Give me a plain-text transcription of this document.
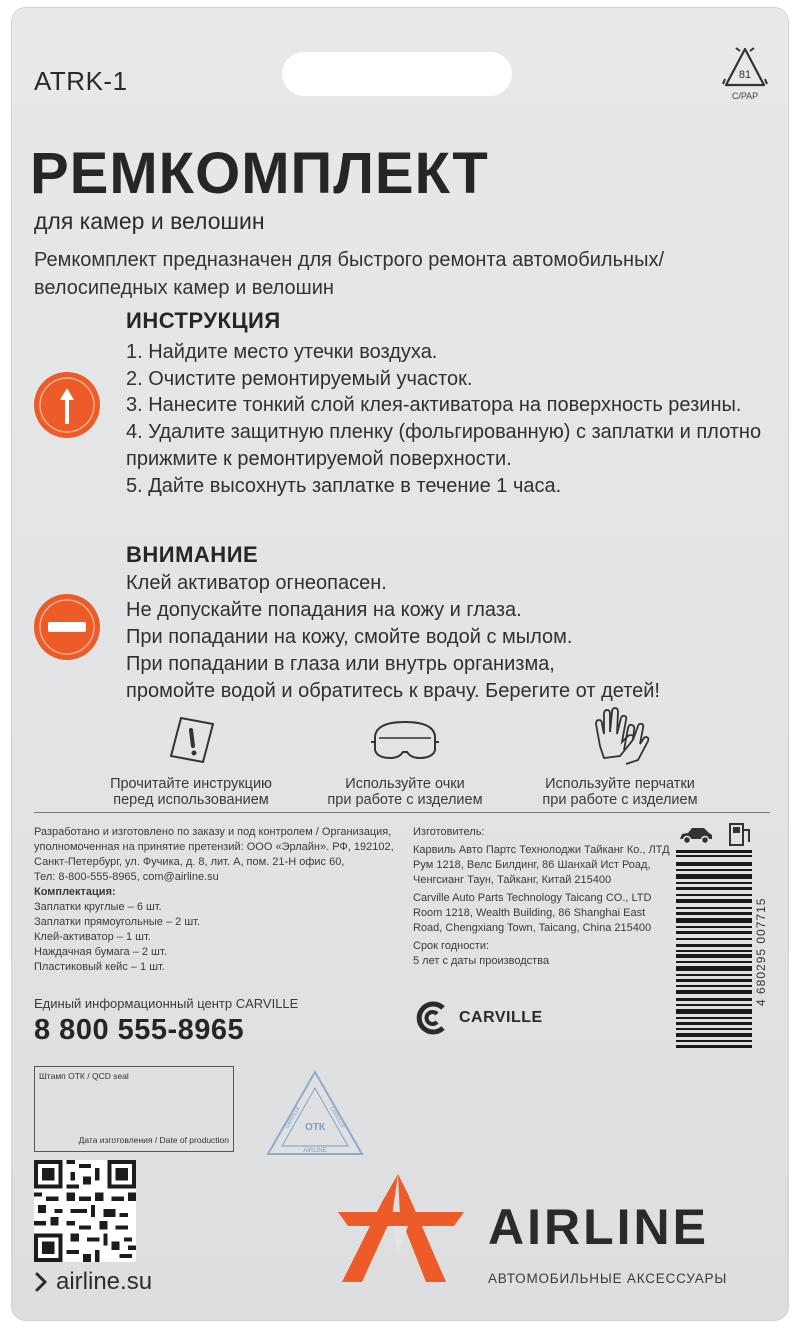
ATRK-1	81
C/PAP
РЕМКОМПЛЕКТ
для камер и велошин
Ремкомплект предназначен для быстрого ремонта автомобильных/велосипедных камер и велошин
ИНСТРУКЦИЯ
1. Найдите место утечки воздуха.
2. Очистите ремонтируемый участок.
3. Нанесите тонкий слой клея-активатора на поверхность резины.
4. Удалите защитную пленку (фольгированную) с заплатки и плотно прижмите к ремонтируемой поверхности.
5. Дайте высохнуть заплатке в течение 1 часа.
ВНИМАНИЕ
Клей активатор огнеопасен.
Не допускайте попадания на кожу и глаза.
При попадании на кожу, смойте водой с мылом.
При попадании в глаза или внутрь организма,
промойте водой и обратитесь к врачу. Берегите от детей!
Прочитайте инструкцию
перед использованием
Используйте очки
при работе с изделием
Используйте перчатки
при работе с изделием
Разработано и изготовлено по заказу и под контролем / Организация, уполномоченная на принятие претензий: ООО «Эрлайн». РФ, 192102, Санкт-Петербург, ул. Фучика, д. 8, лит. А, пом. 21-Н офис 60,
Тел: 8-800-555-8965, com@airline.su
Комплектация:
Заплатки круглые – 6 шт.
Заплатки прямоугольные – 2 шт.
Клей-активатор – 1 шт.
Наждачная бумага – 2 шт.
Пластиковый кейс – 1 шт.
Единый информационный центр CARVILLE
8 800 555-8965

Изготовитель:

Карвиль Авто Партс Технолоджи Тайканг Ко., ЛТД Рум 1218, Велс Билдинг, 86 Шанхай Ист Роад, Ченгсианг Таун, Тайканг, Китай 215400

Carville Auto Parts Technology Taicang CO., LTD Room 1218, Wealth Building, 86 Shanghai East Road, Chengxiang Town, Taicang, China 215400

Срок годности:
5 лет с даты производства	4 680295 007715
CARVILLE
Штамп ОТК / QCD seal
Дата изготовления / Date of production
ОТК
AIRLINE
CARVILLE	CARVILLE
airline.su
AIRLINE
АВТОМОБИЛЬНЫЕ АКСЕССУАРЫ
